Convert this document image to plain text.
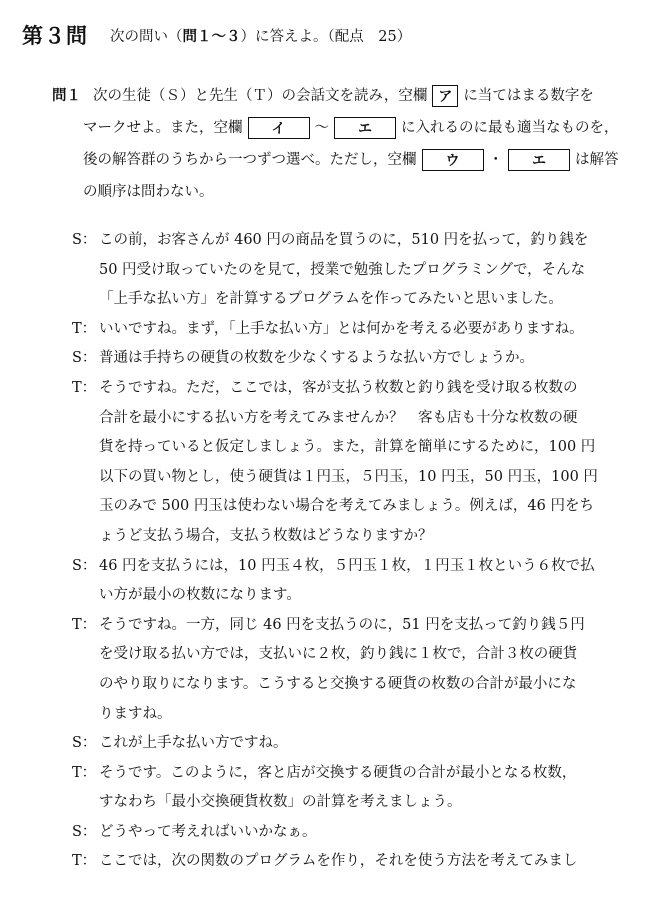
第３問 次の問い（問１～３）に答えよ。（配点　25）
問１ 次の生徒（Ｓ）と先生（Ｔ）の会話文を読み，空欄 ア に当てはまる数字を
マークせよ。また，空欄 イ ～ エ に入れるのに最も適当なものを，
後の解答群のうちから一つずつ選べ。ただし，空欄 ウ ・ エ は解答
の順序は問わない。
S： この前，お客さんが 460 円の商品を買うのに，510 円を払って，釣り銭を
50 円受け取っていたのを見て，授業で勉強したプログラミングで，そんな
「上手な払い方」を計算するプログラムを作ってみたいと思いました。
T： いいですね。まず，「上手な払い方」とは何かを考える必要がありますね。
S： 普通は手持ちの硬貨の枚数を少なくするような払い方でしょうか。
T： そうですね。ただ，ここでは，客が支払う枚数と釣り銭を受け取る枚数の
合計を最小にする払い方を考えてみませんか？　客も店も十分な枚数の硬
貨を持っていると仮定しましょう。また，計算を簡単にするために，100 円
以下の買い物とし，使う硬貨は１円玉，５円玉，10 円玉，50 円玉，100 円
玉のみで 500 円玉は使わない場合を考えてみましょう。例えば，46 円をち
ょうど支払う場合，支払う枚数はどうなりますか？
S： 46 円を支払うには，10 円玉４枚，５円玉１枚，１円玉１枚という６枚で払
い方が最小の枚数になります。
T： そうですね。一方，同じ 46 円を支払うのに，51 円を支払って釣り銭５円
を受け取る払い方では，支払いに２枚，釣り銭に１枚で，合計３枚の硬貨
のやり取りになります。こうすると交換する硬貨の枚数の合計が最小にな
りますね。
S： これが上手な払い方ですね。
T： そうです。このように，客と店が交換する硬貨の合計が最小となる枚数，
すなわち「最小交換硬貨枚数」の計算を考えましょう。
S： どうやって考えればいいかなぁ。
T： ここでは，次の関数のプログラムを作り，それを使う方法を考えてみまし
